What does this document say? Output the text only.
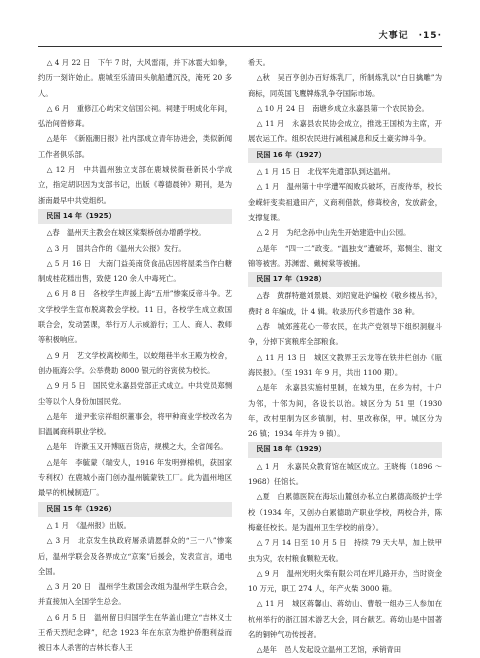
大事记　 ·15·

△ 4 月 22 日　下午 7 时，大风雷雨，并下冰雹大如拳，约历一刻许始止。鹿城至乐清田头航船遭沉没，淹死 20 多人。

△ 6 月　重修江心屿宋文信国公祠。祠建于明成化年间，弘治间曾修葺。

△是年　《新瓯潮日报》社内部成立青年协进会，类似新闻工作者俱乐部。

△ 12 月　中共温州独立支部在鹿城侯衙巷新民小学成立，指定胡识因为支部书记，出版《尊德晨钟》期刊，是为浙南最早中共党组织。

民国 14 年（1925）

△春　温州天主教会在城区棠梨桥创办增爵学校。

△ 3 月　国共合作的《温州大公报》发行。

△ 5 月 16 日　大南门益美南货食品店因将屋柔当作白糖制成桂花糕出售，致使 120 余人中毒死亡。

△ 6 月 8 日　各校学生声援上海“五卅”惨案反帝斗争。艺文学校学生宣布脱离教会学校。11 日，各校学生成立救国联合会，发动罢课，举行万人示威游行；工人、商人、教师等积极响应。

△ 9 月　艺文学校离校师生，以蛟翔巷半水王殿为校舍，创办瓯海公学。公举费助 8000 银元的谷寅侯为校长。

△ 9 月 5 日　国民党永嘉县党部正式成立。中共党员郑恻尘等以个人身份加国民党。

△是年　道尹张宗祥组织董事会，将甲种商业学校改名为旧温属商科职业学校。

△是年　许漱玉又开博瓯百货店，规模之大，全省闻名。

△是年　李毓蒙（瑞安人，1916 年发明弹棉机，获国家专利权）在鹿城小南门创办温州毓蒙铁工厂。此为温州地区最早的机械制造厂。

民国 15 年（1926）

△ 1 月　《温州报》出版。

△ 3 月　北京发生执政府屠杀请愿群众的“三一八”惨案后，温州学联会及各界成立“京案”后援会，发表宣言，通电全国。

△ 3 月 20 日　温州学生救国会改组为温州学生联合会，并直接加入全国学生总会。

△ 6 月 5 日　温州留日归国学生在华盖山建立“吉林义士王希天烈纪念碑”，纪念 1923 年在东京为维护侨胞利益而被日本人杀害的吉林长春人王

希天。

△秋　吴百亨创办百好炼乳厂，所制炼乳以“白日擒雕”为商标，同英国飞鹰牌炼乳争夺国际市场。

△ 10 月 24 日　南塘乡成立永嘉县第一个农民协会。

△ 11 月　永嘉县农民协会成立，推选王国桢为主席，开展农运工作。组织农民进行减租减息和反土豪劣绅斗争。

民国 16 年（1927）

△ 1 月 15 日　北伐军先遣部队到达温州。

△ 1 月　温州第十中学遭军阀败兵破坏，百废待举，校长金嵘轩变卖祖遗田产，义商利借款，修葺校舍，发放薪金，支撑复课。

△ 2 月　为纪念孙中山先生开始建造中山公园。

△是年　“四一二”政变。“温独支”遭破坏，郑恻尘、谢文锦等被害。苏渊雷、戴树棠等被捕。

民国 17 年（1928）

△春　黄群特邀刘景晨、刘绍宽赴沪编校《敬乡楼丛书》，费时 8 年编成，计 4 辑。收录历代乡哲遗作 38 种。

△春　城郊莲花心一带农民，在共产党领导下组织洞舰斗争，分掉下寅粮库全部粮食。

△ 11 月 13 日　城区文教界王云龙等在铁井栏创办《瓯海民报》。（至 1931 年 9 月，共出 1100 期）。

△是年　永嘉县实施村里制，在城为里，在乡为村，十户为邻，十邻为间，各设长以治。城区分为 51 里（1930 年，改村里制为区乡镇制，村、里改称保，甲。城区分为 26 镇；1934 年并为 9 镇）。

民国 18 年（1929）

△ 1 月　永嘉民众教育馆在城区成立。王晓梅（1896 ～ 1968）任馆长。

△夏　白累德医院在海坛山麓创办私立白累德高级护士学校（1934 年，又创办白累德助产职业学校，两校合并，陈梅豪任校长。是为温州卫生学校的前身）。

△ 7 月 14 日至 10 月 5 日　持续 79 天大旱，加上铁甲虫为灾，农村粮食颗粒无收。

△ 9 月　温州光明火柴有限公司在坪儿路开办，当时资金 10 万元，职工 274 人，年产火柴 3000 箱。

△ 11 月　城区蒋馨山、蒋幼山、曹彀一组办三人参加在杭州举行的浙江国术游艺大会，同台献艺。蒋幼山是中国著名的铜钟气功传授者。

△是年　邑人发起设立温州工艺馆，承销青田
